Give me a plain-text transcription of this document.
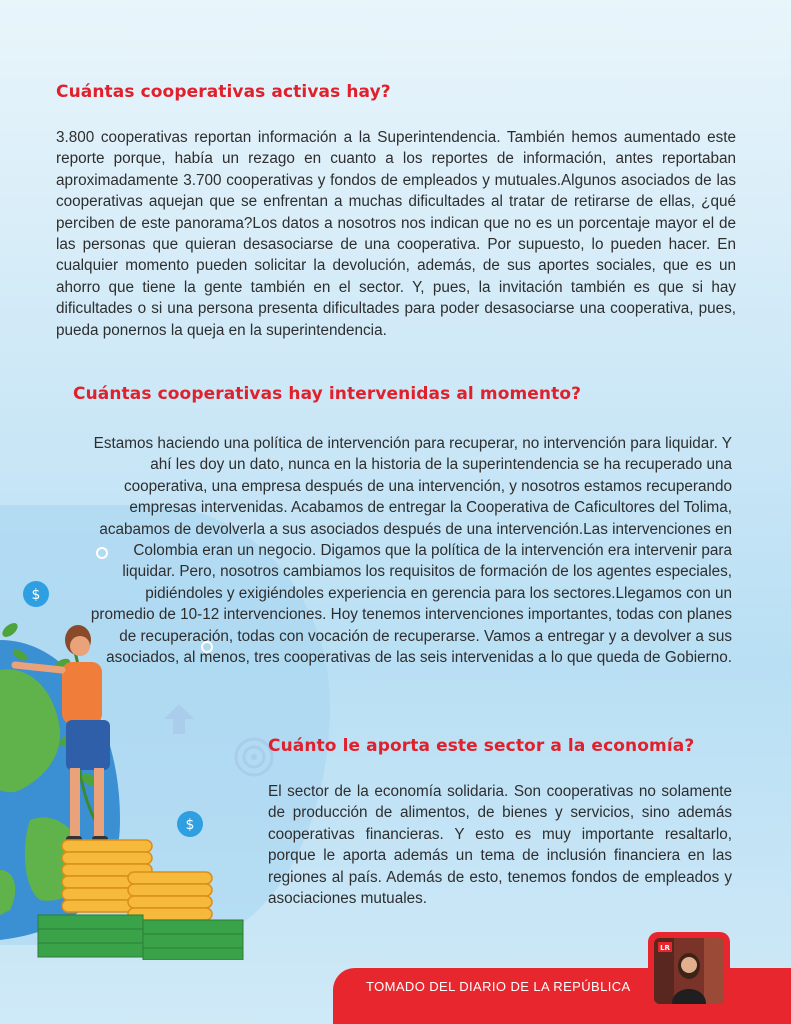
$
$
Cuántas cooperativas activas hay?

3.800 cooperativas reportan información a la Superintendencia. También hemos aumentado este reporte porque, había un rezago en cuanto a los reportes de información, antes reportaban aproximadamente 3.700 cooperativas y fondos de empleados y mutuales.Algunos asociados de las cooperativas aquejan que se enfrentan a muchas dificultades al tratar de retirarse de ellas, ¿qué perciben de este panorama?Los datos a nosotros nos indican que no es un porcentaje mayor el de las personas que quieran desasociarse de una cooperativa. Por supuesto, lo pueden hacer. En cualquier momento pueden solicitar la devolución, además, de sus aportes sociales, que es un ahorro que tiene la gente también en el sector. Y, pues, la invitación también es que si hay dificultades o si una persona presenta dificultades para poder desasociarse una cooperativa, pues, pueda ponernos la queja en la superintendencia.

Cuántas cooperativas hay intervenidas al momento?

Estamos haciendo una política de intervención para recuperar, no intervención para liquidar. Y ahí les doy un dato, nunca en la historia de la superintendencia se ha recuperado una cooperativa, una empresa después de una intervención, y nosotros estamos recuperando empresas intervenidas. Acabamos de entregar la Cooperativa de Caficultores del Tolima, acabamos de devolverla a sus asociados después de una intervención.Las intervenciones en Colombia eran un negocio. Digamos que la política de la intervención era intervenir para liquidar. Pero, nosotros cambiamos los requisitos de formación de los agentes especiales, pidiéndoles y exigiéndoles experiencia en gerencia para los sectores.Llegamos con un promedio de 10-12 intervenciones. Hoy tenemos intervenciones importantes, todas con planes de recuperación, todas con vocación de recuperarse. Vamos a entregar y a devolver a sus asociados, al menos, tres cooperativas de las seis intervenidas a lo que queda de Gobierno.

Cuánto le aporta este sector a la economía?

El sector de la economía solidaria. Son cooperativas no solamente de producción de alimentos, de bienes y servicios, sino además cooperativas financieras. Y esto es muy importante resaltarlo, porque le aporta además un tema de inclusión financiera en las regiones al país. Además de esto, tenemos fondos de empleados y asociaciones mutuales.

TOMADO DEL DIARIO DE LA REPÚBLICA
LR
